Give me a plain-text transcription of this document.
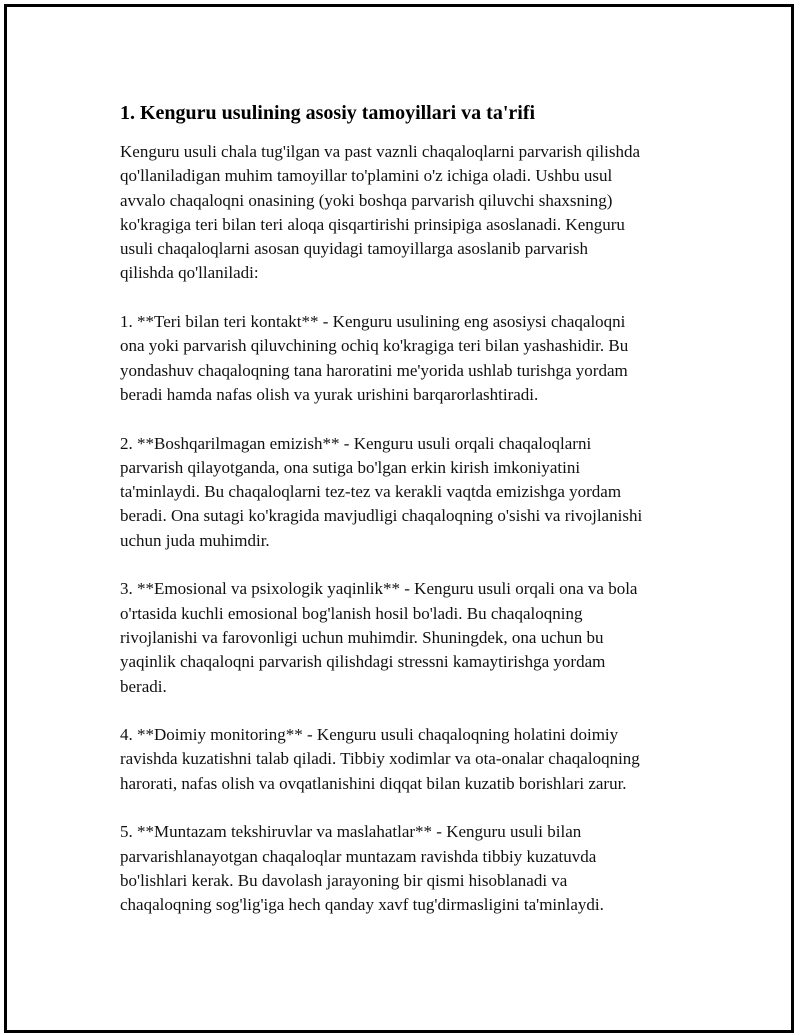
1. Kenguru usulining asosiy tamoyillari va ta'rifi

Kenguru usuli chala tug'ilgan va past vaznli chaqaloqlarni parvarish qilishda
qo'llaniladigan muhim tamoyillar to'plamini o'z ichiga oladi. Ushbu usul
avvalo chaqaloqni onasining (yoki boshqa parvarish qiluvchi shaxsning)
ko'kragiga teri bilan teri aloqa qisqartirishi prinsipiga asoslanadi. Kenguru
usuli chaqaloqlarni asosan quyidagi tamoyillarga asoslanib parvarish
qilishda qo'llaniladi:

1. **Teri bilan teri kontakt** - Kenguru usulining eng asosiysi chaqaloqni
ona yoki parvarish qiluvchining ochiq ko'kragiga teri bilan yashashidir. Bu
yondashuv chaqaloqning tana haroratini me'yorida ushlab turishga yordam
beradi hamda nafas olish va yurak urishini barqarorlashtiradi.

2. **Boshqarilmagan emizish** - Kenguru usuli orqali chaqaloqlarni
parvarish qilayotganda, ona sutiga bo'lgan erkin kirish imkoniyatini
ta'minlaydi. Bu chaqaloqlarni tez-tez va kerakli vaqtda emizishga yordam
beradi. Ona sutagi ko'kragida mavjudligi chaqaloqning o'sishi va rivojlanishi
uchun juda muhimdir.

3. **Emosional va psixologik yaqinlik** - Kenguru usuli orqali ona va bola
o'rtasida kuchli emosional bog'lanish hosil bo'ladi. Bu chaqaloqning
rivojlanishi va farovonligi uchun muhimdir. Shuningdek, ona uchun bu
yaqinlik chaqaloqni parvarish qilishdagi stressni kamaytirishga yordam
beradi.

4. **Doimiy monitoring** - Kenguru usuli chaqaloqning holatini doimiy
ravishda kuzatishni talab qiladi. Tibbiy xodimlar va ota-onalar chaqaloqning
harorati, nafas olish va ovqatlanishini diqqat bilan kuzatib borishlari zarur.

5. **Muntazam tekshiruvlar va maslahatlar** - Kenguru usuli bilan
parvarishlanayotgan chaqaloqlar muntazam ravishda tibbiy kuzatuvda
bo'lishlari kerak. Bu davolash jarayoning bir qismi hisoblanadi va
chaqaloqning sog'lig'iga hech qanday xavf tug'dirmasligini ta'minlaydi.
